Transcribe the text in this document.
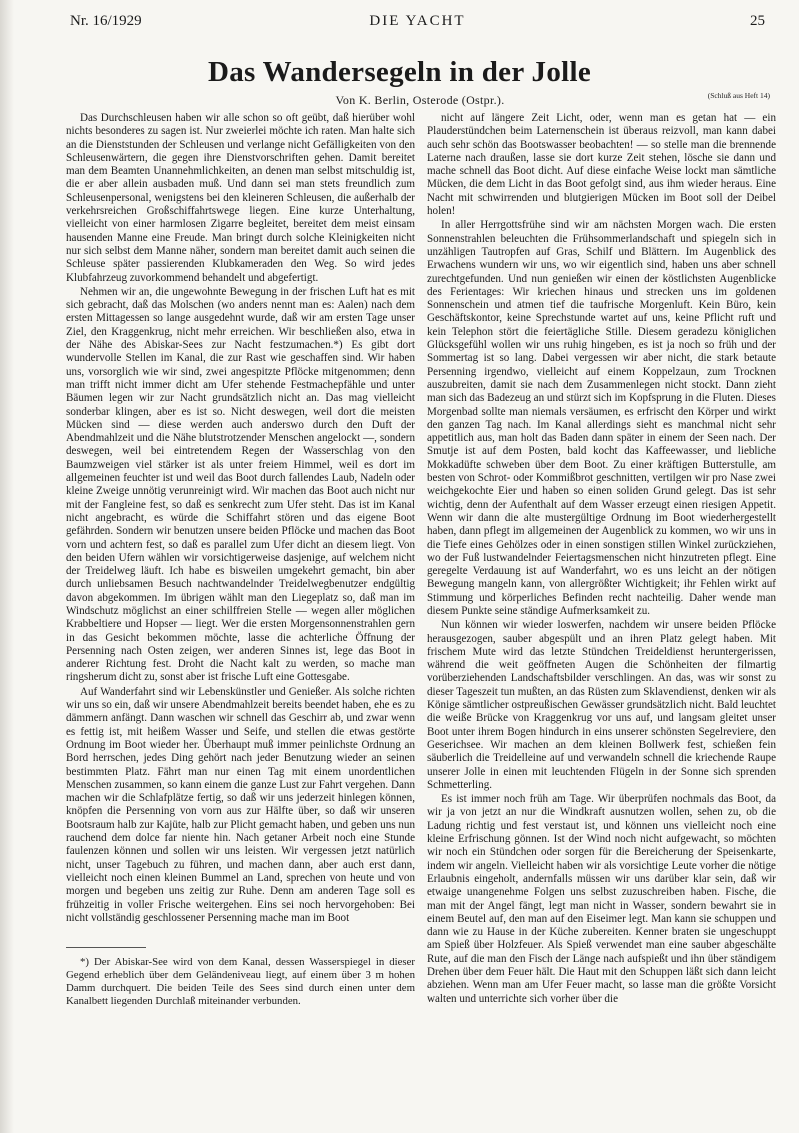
Nr. 16/1929	DIE YACHT	25
Das Wandersegeln in der Jolle
Von K. Berlin, Osterode (Ostpr.).	(Schluß aus Heft 14)

Das Durchschleusen haben wir alle schon so oft geübt, daß hierüber wohl nichts besonderes zu sagen ist. Nur zweierlei möchte ich raten. Man halte sich an die Dienststunden der Schleusen und verlange nicht Gefälligkeiten von den Schleusenwärtern, die gegen ihre Dienstvorschriften gehen. Damit bereitet man dem Beamten Unannehmlichkeiten, an denen man selbst mitschuldig ist, die er aber allein ausbaden muß. Und dann sei man stets freundlich zum Schleusenpersonal, wenigstens bei den kleineren Schleusen, die außerhalb der verkehrsreichen Großschiffahrtswege liegen. Eine kurze Unterhaltung, vielleicht von einer harmlosen Zigarre begleitet, bereitet dem meist einsam hausenden Manne eine Freude. Man bringt durch solche Kleinigkeiten nicht nur sich selbst dem Manne näher, sondern man bereitet damit auch seinen die Schleuse später passierenden Klubkameraden den Weg. So wird jedes Klubfahrzeug zuvorkommend behandelt und abgefertigt.

Nehmen wir an, die ungewohnte Bewegung in der frischen Luft hat es mit sich gebracht, daß das Molschen (wo anders nennt man es: Aalen) nach dem ersten Mittagessen so lange ausgedehnt wurde, daß wir am ersten Tage unser Ziel, den Kraggenkrug, nicht mehr erreichen. Wir beschließen also, etwa in der Nähe des Abiskar-Sees zur Nacht festzumachen.*) Es gibt dort wundervolle Stellen im Kanal, die zur Rast wie geschaffen sind. Wir haben uns, vorsorglich wie wir sind, zwei angespitzte Pflöcke mitgenommen; denn man trifft nicht immer dicht am Ufer stehende Festmachepfähle und unter Bäumen legen wir zur Nacht grundsätzlich nicht an. Das mag vielleicht sonderbar klingen, aber es ist so. Nicht deswegen, weil dort die meisten Mücken sind — diese werden auch anderswo durch den Duft der Abendmahlzeit und die Nähe blutstrotzender Menschen angelockt —, sondern deswegen, weil bei eintretendem Regen der Wasserschlag von den Baumzweigen viel stärker ist als unter freiem Himmel, weil es dort im allgemeinen feuchter ist und weil das Boot durch fallendes Laub, Nadeln oder kleine Zweige unnötig verunreinigt wird. Wir machen das Boot auch nicht nur mit der Fangleine fest, so daß es senkrecht zum Ufer steht. Das ist im Kanal nicht angebracht, es würde die Schiffahrt stören und das eigene Boot gefährden. Sondern wir benutzen unsere beiden Pflöcke und machen das Boot vorn und achtern fest, so daß es parallel zum Ufer dicht an diesem liegt. Von den beiden Ufern wählen wir vorsichtigerweise dasjenige, auf welchem nicht der Treidelweg läuft. Ich habe es bisweilen umgekehrt gemacht, bin aber durch unliebsamen Besuch nachtwandelnder Treidelwegbenutzer endgültig davon abgekommen. Im übrigen wählt man den Liegeplatz so, daß man im Windschutz möglichst an einer schilffreien Stelle — wegen aller möglichen Krabbeltiere und Hopser — liegt. Wer die ersten Morgensonnenstrahlen gern in das Gesicht bekommen möchte, lasse die achterliche Öffnung der Persenning nach Osten zeigen, wer anderen Sinnes ist, lege das Boot in anderer Richtung fest. Droht die Nacht kalt zu werden, so mache man ringsherum dicht zu, sonst aber ist frische Luft eine Gottesgabe.

Auf Wanderfahrt sind wir Lebenskünstler und Genießer. Als solche richten wir uns so ein, daß wir unsere Abendmahlzeit bereits beendet haben, ehe es zu dämmern anfängt. Dann waschen wir schnell das Geschirr ab, und zwar wenn es fettig ist, mit heißem Wasser und Seife, und stellen die etwas gestörte Ordnung im Boot wieder her. Überhaupt muß immer peinlichste Ordnung an Bord herrschen, jedes Ding gehört nach jeder Benutzung wieder an seinen bestimmten Platz. Fährt man nur einen Tag mit einem unordentlichen Menschen zusammen, so kann einem die ganze Lust zur Fahrt vergehen. Dann machen wir die Schlafplätze fertig, so daß wir uns jederzeit hinlegen können, knöpfen die Persenning von vorn aus zur Hälfte über, so daß wir unseren Bootsraum halb zur Kajüte, halb zur Plicht gemacht haben, und geben uns nun rauchend dem dolce far niente hin. Nach getaner Arbeit noch eine Stunde faulenzen können und sollen wir uns leisten. Wir vergessen jetzt natürlich nicht, unser Tagebuch zu führen, und machen dann, aber auch erst dann, vielleicht noch einen kleinen Bummel an Land, sprechen von heute und von morgen und begeben uns zeitig zur Ruhe. Denn am anderen Tage soll es frühzeitig in voller Frische weitergehen. Eins sei noch hervorgehoben: Bei nicht vollständig geschlossener Persenning mache man im Boot

*) Der Abiskar-See wird von dem Kanal, dessen Wasserspiegel in dieser Gegend erheblich über dem Geländeniveau liegt, auf einem über 3 m hohen Damm durchquert. Die beiden Teile des Sees sind durch einen unter dem Kanalbett liegenden Durchlaß miteinander verbunden.

nicht auf längere Zeit Licht, oder, wenn man es getan hat — ein Plauderstündchen beim Laternenschein ist überaus reizvoll, man kann dabei auch sehr schön das Bootswasser beobachten! — so stelle man die brennende Laterne nach draußen, lasse sie dort kurze Zeit stehen, lösche sie dann und mache schnell das Boot dicht. Auf diese einfache Weise lockt man sämtliche Mücken, die dem Licht in das Boot gefolgt sind, aus ihm wieder heraus. Eine Nacht mit schwirrenden und blutgierigen Mücken im Boot soll der Deibel holen!

In aller Herrgottsfrühe sind wir am nächsten Morgen wach. Die ersten Sonnenstrahlen beleuchten die Frühsommerlandschaft und spiegeln sich in unzähligen Tautropfen auf Gras, Schilf und Blättern. Im Augenblick des Erwachens wundern wir uns, wo wir eigentlich sind, haben uns aber schnell zurechtgefunden. Und nun genießen wir einen der köstlichsten Augenblicke des Ferientages: Wir kriechen hinaus und strecken uns im goldenen Sonnenschein und atmen tief die taufrische Morgenluft. Kein Büro, kein Geschäftskontor, keine Sprechstunde wartet auf uns, keine Pflicht ruft und kein Telephon stört die feiertägliche Stille. Diesem geradezu königlichen Glücksgefühl wollen wir uns ruhig hingeben, es ist ja noch so früh und der Sommertag ist so lang. Dabei vergessen wir aber nicht, die stark betaute Persenning irgendwo, vielleicht auf einem Koppelzaun, zum Trocknen auszubreiten, damit sie nach dem Zusammenlegen nicht stockt. Dann zieht man sich das Badezeug an und stürzt sich im Kopfsprung in die Fluten. Dieses Morgenbad sollte man niemals versäumen, es erfrischt den Körper und wirkt den ganzen Tag nach. Im Kanal allerdings sieht es manchmal nicht sehr appetitlich aus, man holt das Baden dann später in einem der Seen nach. Der Smutje ist auf dem Posten, bald kocht das Kaffeewasser, und liebliche Mokkadüfte schweben über dem Boot. Zu einer kräftigen Butterstulle, am besten von Schrot- oder Kommißbrot geschnitten, vertilgen wir pro Nase zwei weichgekochte Eier und haben so einen soliden Grund gelegt. Das ist sehr wichtig, denn der Aufenthalt auf dem Wasser erzeugt einen riesigen Appetit. Wenn wir dann die alte mustergültige Ordnung im Boot wiederhergestellt haben, dann pflegt im allgemeinen der Augenblick zu kommen, wo wir uns in die Tiefe eines Gehölzes oder in einen sonstigen stillen Winkel zurückziehen, wo der Fuß lustwandelnder Feiertagsmenschen nicht hinzutreten pflegt. Eine geregelte Verdauung ist auf Wanderfahrt, wo es uns leicht an der nötigen Bewegung mangeln kann, von allergrößter Wichtigkeit; ihr Fehlen wirkt auf Stimmung und körperliches Befinden recht nachteilig. Daher wende man diesem Punkte seine ständige Aufmerksamkeit zu.

Nun können wir wieder loswerfen, nachdem wir unsere beiden Pflöcke herausgezogen, sauber abgespült und an ihren Platz gelegt haben. Mit frischem Mute wird das letzte Stündchen Treideldienst heruntergerissen, während die weit geöffneten Augen die Schönheiten der filmartig vorüberziehenden Landschaftsbilder verschlingen. An das, was wir sonst zu dieser Tageszeit tun mußten, an das Rüsten zum Sklavendienst, denken wir als Könige sämtlicher ostpreußischen Gewässer grundsätzlich nicht. Bald leuchtet die weiße Brücke von Kraggenkrug vor uns auf, und langsam gleitet unser Boot unter ihrem Bogen hindurch in eins unserer schönsten Segelreviere, den Geserichsee. Wir machen an dem kleinen Bollwerk fest, schießen fein säuberlich die Treidelleine auf und verwandeln schnell die kriechende Raupe unserer Jolle in einen mit leuchtenden Flügeln in der Sonne sich sprenden Schmetterling.

Es ist immer noch früh am Tage. Wir überprüfen nochmals das Boot, da wir ja von jetzt an nur die Windkraft ausnutzen wollen, sehen zu, ob die Ladung richtig und fest verstaut ist, und können uns vielleicht noch eine kleine Erfrischung gönnen. Ist der Wind noch nicht aufgewacht, so möchten wir noch ein Stündchen oder sorgen für die Bereicherung der Speisenkarte, indem wir angeln. Vielleicht haben wir als vorsichtige Leute vorher die nötige Erlaubnis eingeholt, andernfalls müssen wir uns darüber klar sein, daß wir etwaige unangenehme Folgen uns selbst zuzuschreiben haben. Fische, die man mit der Angel fängt, legt man nicht in Wasser, sondern bewahrt sie in einem Beutel auf, den man auf den Eiseimer legt. Man kann sie schuppen und dann wie zu Hause in der Küche zubereiten. Kenner braten sie ungeschuppt am Spieß über Holzfeuer. Als Spieß verwendet man eine sauber abgeschälte Rute, auf die man den Fisch der Länge nach aufspießt und ihn über ständigem Drehen über dem Feuer hält. Die Haut mit den Schuppen läßt sich dann leicht abziehen. Wenn man am Ufer Feuer macht, so lasse man die größte Vorsicht walten und unterrichte sich vorher über die
